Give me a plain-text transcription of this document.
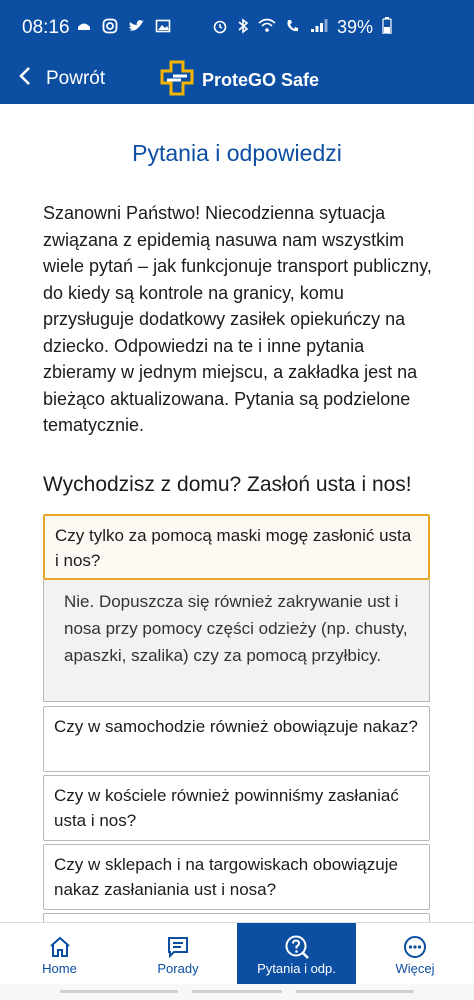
08:16	39%
Powrót	ProteGO Safe
Pytania i odpowiedzi

Szanowni Państwo! Niecodzienna sytuacja związana z epidemią nasuwa nam wszystkim wiele pytań – jak funkcjonuje transport publiczny, do kiedy są kontrole na granicy, komu przysługuje dodatkowy zasiłek opiekuńczy na dziecko. Odpowiedzi na te i inne pytania zbieramy w jednym miejscu, a zakładka jest na bieżąco aktualizowana. Pytania są podzielone tematycznie.

Wychodzisz z domu? Zasłoń usta i nos!
Czy tylko za pomocą maski mogę zasłonić usta i nos?
Nie. Dopuszcza się również zakrywanie ust i nosa przy pomocy części odzieży (np. chusty, apaszki, szalika) czy za pomocą przyłbicy.
Czy w samochodzie również obowiązuje nakaz?
Czy w kościele również powinniśmy zasłaniać usta i nos?
Czy w sklepach i na targowiskach obowiązuje nakaz zasłaniania ust i nosa?
Home	Porady	Pytania i odp.	Więcej
